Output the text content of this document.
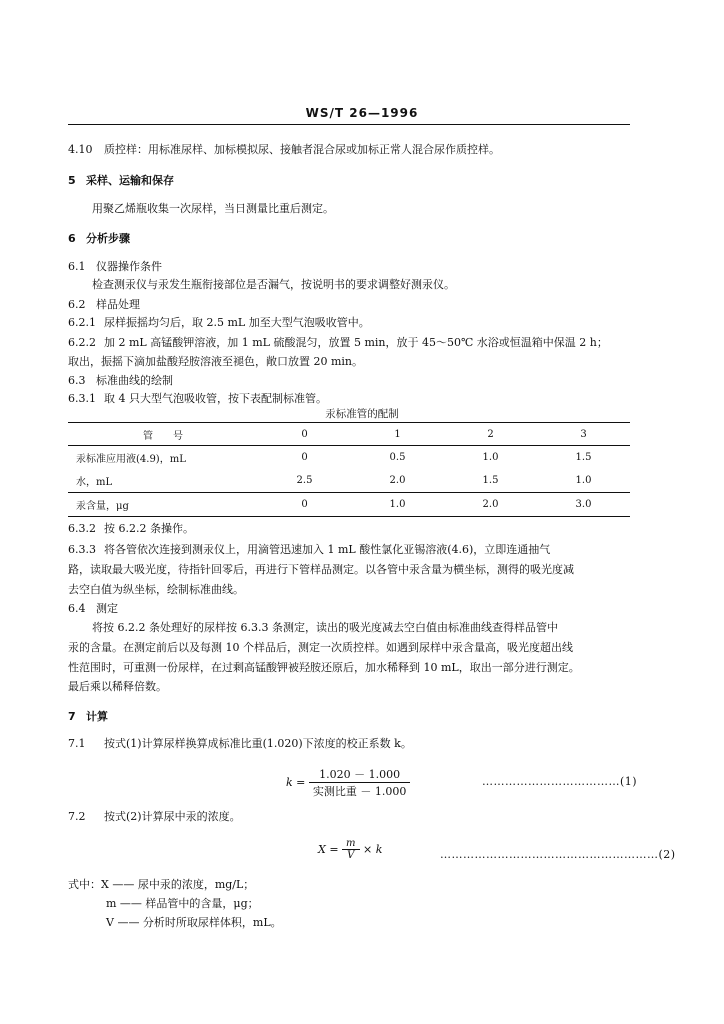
WS/T 26—1996
4.10 质控样：用标准尿样、加标模拟尿、接触者混合尿或加标正常人混合尿作质控样。
5 采样、运输和保存
用聚乙烯瓶收集一次尿样，当日测量比重后测定。
6 分析步骤
6.1 仪器操作条件
检查测汞仪与汞发生瓶衔接部位是否漏气，按说明书的要求调整好测汞仪。
6.2 样品处理
6.2.1 尿样振摇均匀后，取 2.5 mL 加至大型气泡吸收管中。
6.2.2 加 2 mL 高锰酸钾溶液，加 1 mL 硫酸混匀，放置 5 min，放于 45～50℃ 水浴或恒温箱中保温 2 h；
取出，振摇下滴加盐酸羟胺溶液至褪色，敞口放置 20 min。
6.3 标准曲线的绘制
6.3.1 取 4 只大型气泡吸收管，按下表配制标准管。
汞标准管的配制
管　　号	0	1	2	3
汞标准应用液(4.9)，mL	0	0.5	1.0	1.5
水，mL	2.5	2.0	1.5	1.0
汞含量，μg	0	1.0	2.0	3.0
6.3.2 按 6.2.2 条操作。
6.3.3 将各管依次连接到测汞仪上，用滴管迅速加入 1 mL 酸性氯化亚锡溶液(4.6)，立即连通抽气
路，读取最大吸光度，待指针回零后，再进行下管样品测定。以各管中汞含量为横坐标，测得的吸光度减
去空白值为纵坐标，绘制标准曲线。
6.4 测定
将按 6.2.2 条处理好的尿样按 6.3.3 条测定，读出的吸光度减去空白值由标准曲线查得样品管中
汞的含量。在测定前后以及每测 10 个样品后，测定一次质控样。如遇到尿样中汞含量高，吸光度超出线
性范围时，可重测一份尿样，在过剩高锰酸钾被羟胺还原后，加水稀释到 10 mL，取出一部分进行测定。
最后乘以稀释倍数。
7 计算
7.1 按式(1)计算尿样换算成标准比重(1.020)下浓度的校正系数 k。
$k = \frac{1.020 - 1.000}{\text{实测比重 － 1.000}}$	………………………………(1)
7.2 按式(2)计算尿中汞的浓度。
$X = \frac{m}{V} \times k$	…………………………………………………(2)
式中：X —— 尿中汞的浓度，mg/L；
m —— 样品管中的含量，μg；
V —— 分析时所取尿样体积，mL。
